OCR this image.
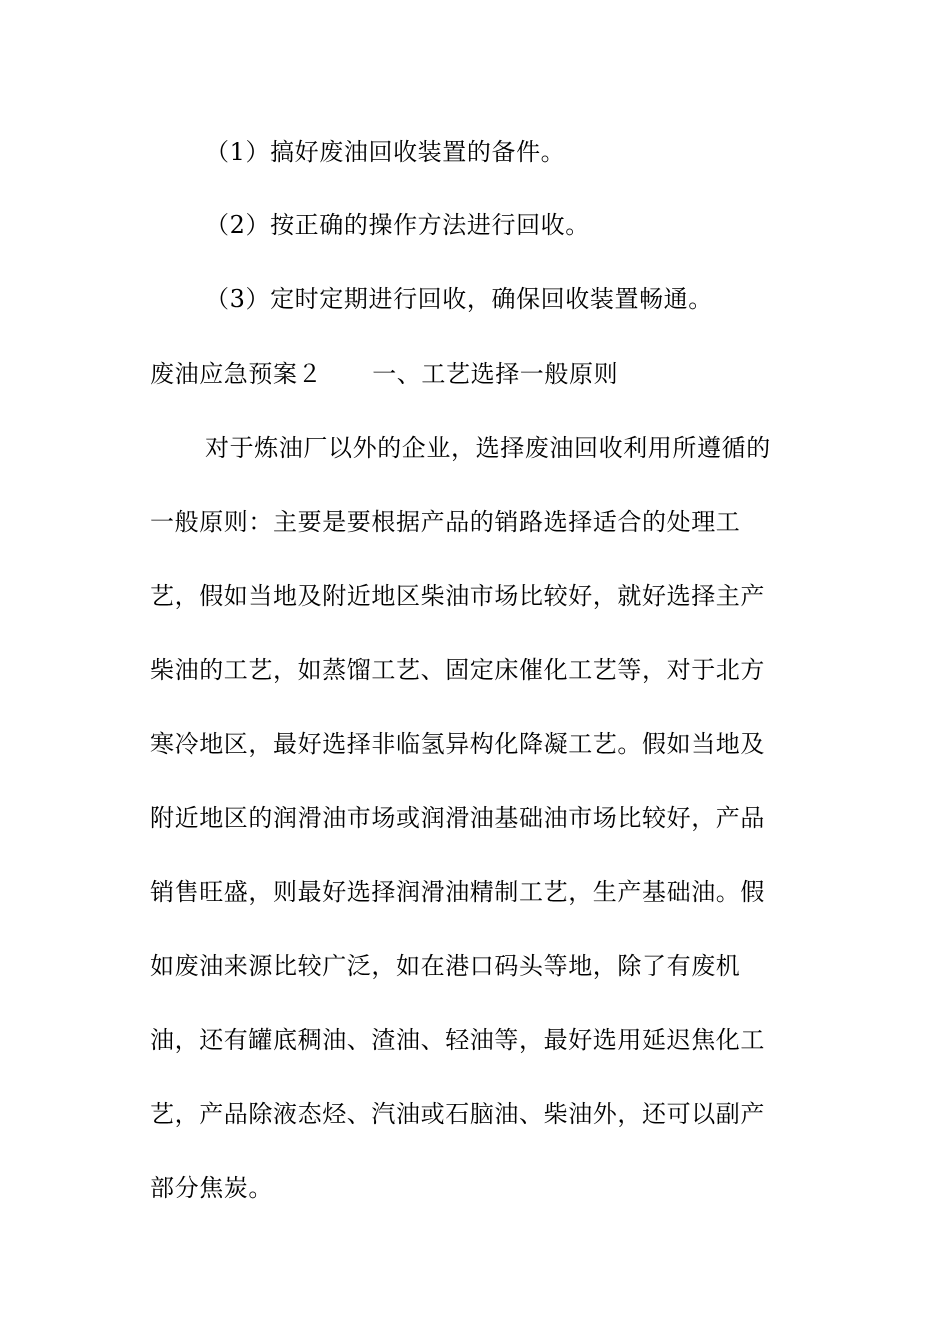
（1）搞好废油回收装置的备件。
（2）按正确的操作方法进行回收。
（3）定时定期进行回收，确保回收装置畅通。
废油应急预案２ 一、工艺选择一般原则
对于炼油厂以外的企业，选择废油回收利用所遵循的
一般原则：主要是要根据产品的销路选择适合的处理工
艺，假如当地及附近地区柴油市场比较好，就好选择主产
柴油的工艺，如蒸馏工艺、固定床催化工艺等，对于北方
寒冷地区，最好选择非临氢异构化降凝工艺。假如当地及
附近地区的润滑油市场或润滑油基础油市场比较好，产品
销售旺盛，则最好选择润滑油精制工艺，生产基础油。假
如废油来源比较广泛，如在港口码头等地，除了有废机
油，还有罐底稠油、渣油、轻油等，最好选用延迟焦化工
艺，产品除液态烃、汽油或石脑油、柴油外，还可以副产
部分焦炭。
